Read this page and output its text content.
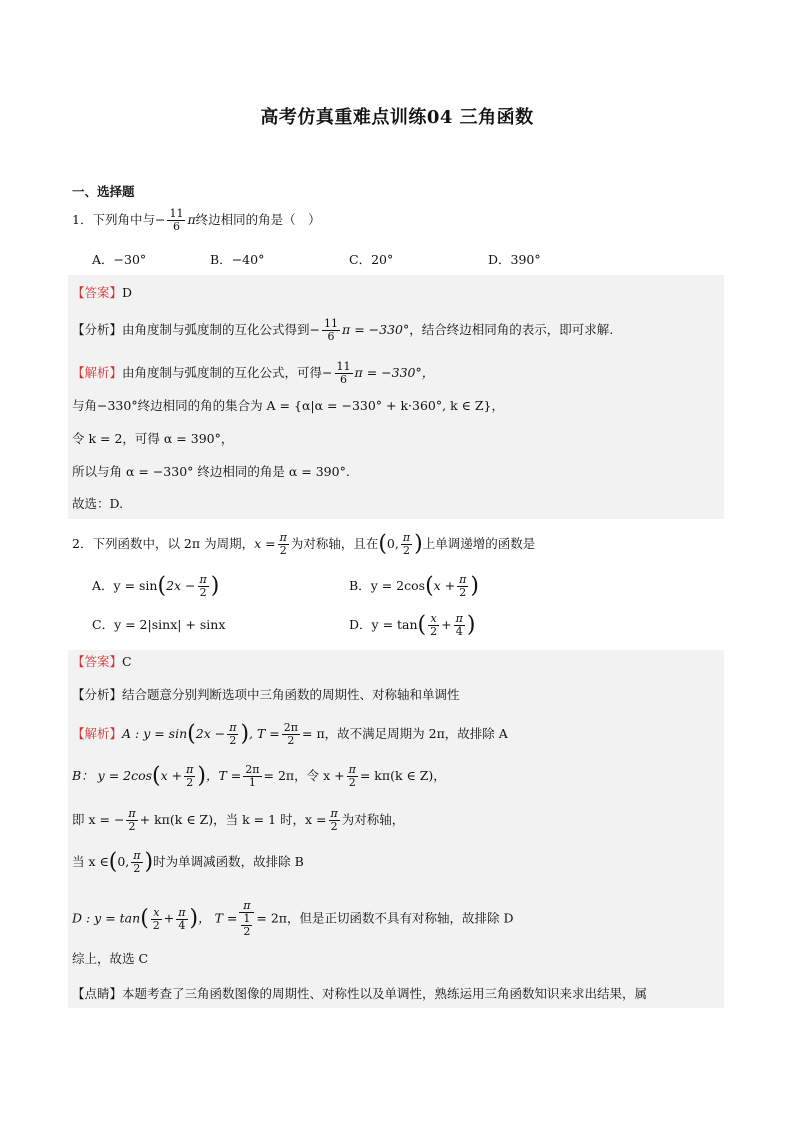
高考仿真重难点训练04 三角函数
一、选择题
1．下列角中与− $\frac{11}{6}$ π终边相同的角是（　）
A．−30°	B．−40°	C．20°	D．390°
【答案】D
【分析】由角度制与弧度制的互化公式得到− $\frac{11}{6}$ π = −330°，结合终边相同角的表示，即可求解.
【解析】由角度制与弧度制的互化公式，可得− $\frac{11}{6}$ π = −330°，
与角−330°终边相同的角的集合为 A = {α|α = −330° + k·360°, k ∈ Z}，
令 k = 2，可得 α = 390°，
所以与角 α = −330° 终边相同的角是 α = 390°.
故选：D.
2．下列函数中，以 2π 为周期，$x = \frac{\pi}{2}$ 为对称轴，且在(0, $\frac{\pi}{2}$ )上单调递增的函数是
A．$y = \sin(2x - \frac{\pi}{2}$ )	B．$y = 2\cos(x + \frac{\pi}{2}$ )
C．y = 2|sinx| + sinx	D．$y = \tan( \frac{x}{2} + \frac{\pi}{4}$ )
【答案】C
【分析】结合题意分别判断选项中三角函数的周期性、对称轴和单调性
【解析】A : $y = \sin(2x - \frac{\pi}{2}$ ), $T = \frac{2\pi}{2} = \pi$，故不满足周期为 2π，故排除 A
B： $y = 2\cos(x + \frac{\pi}{2}$ )，$T = \frac{2\pi}{1} = 2\pi$，令 $x + \frac{\pi}{2} = k\pi(k$ ∈ Z)，
即 x = − $\frac{\pi}{2} + k\pi(k$ ∈ Z)，当 k = 1 时，$x = \frac{\pi}{2}$ 为对称轴，
当 x ∈(0, $\frac{\pi}{2}$ )时为单调减函数，故排除 B
D : $y = \tan( \frac{x}{2} + \frac{\pi}{4}$ )， $T = \frac{\pi}{\frac{1}{2}} = 2\pi$，但是正切函数不具有对称轴，故排除 D
综上，故选 C
【点睛】本题考查了三角函数图像的周期性、对称性以及单调性，熟练运用三角函数知识来求出结果，属
